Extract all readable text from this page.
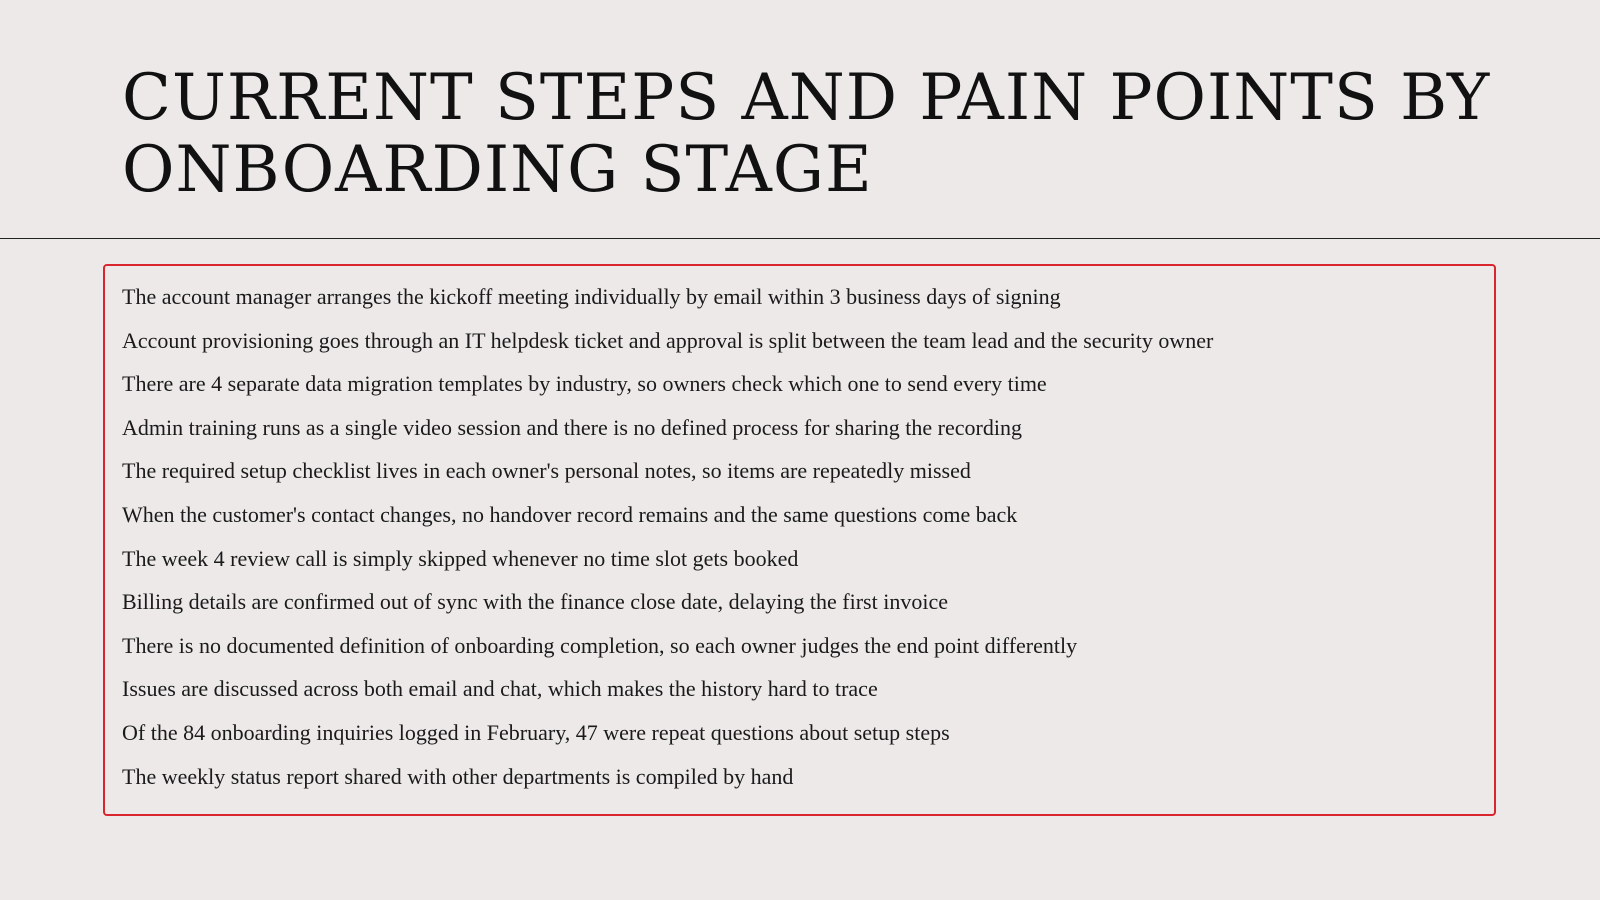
CURRENT STEPS AND PAIN POINTS BY ONBOARDING STAGE
The account manager arranges the kickoff meeting individually by email within 3 business days of signing
Account provisioning goes through an IT helpdesk ticket and approval is split between the team lead and the security owner
There are 4 separate data migration templates by industry, so owners check which one to send every time
Admin training runs as a single video session and there is no defined process for sharing the recording
The required setup checklist lives in each owner's personal notes, so items are repeatedly missed
When the customer's contact changes, no handover record remains and the same questions come back
The week 4 review call is simply skipped whenever no time slot gets booked
Billing details are confirmed out of sync with the finance close date, delaying the first invoice
There is no documented definition of onboarding completion, so each owner judges the end point differently
Issues are discussed across both email and chat, which makes the history hard to trace
Of the 84 onboarding inquiries logged in February, 47 were repeat questions about setup steps
The weekly status report shared with other departments is compiled by hand
